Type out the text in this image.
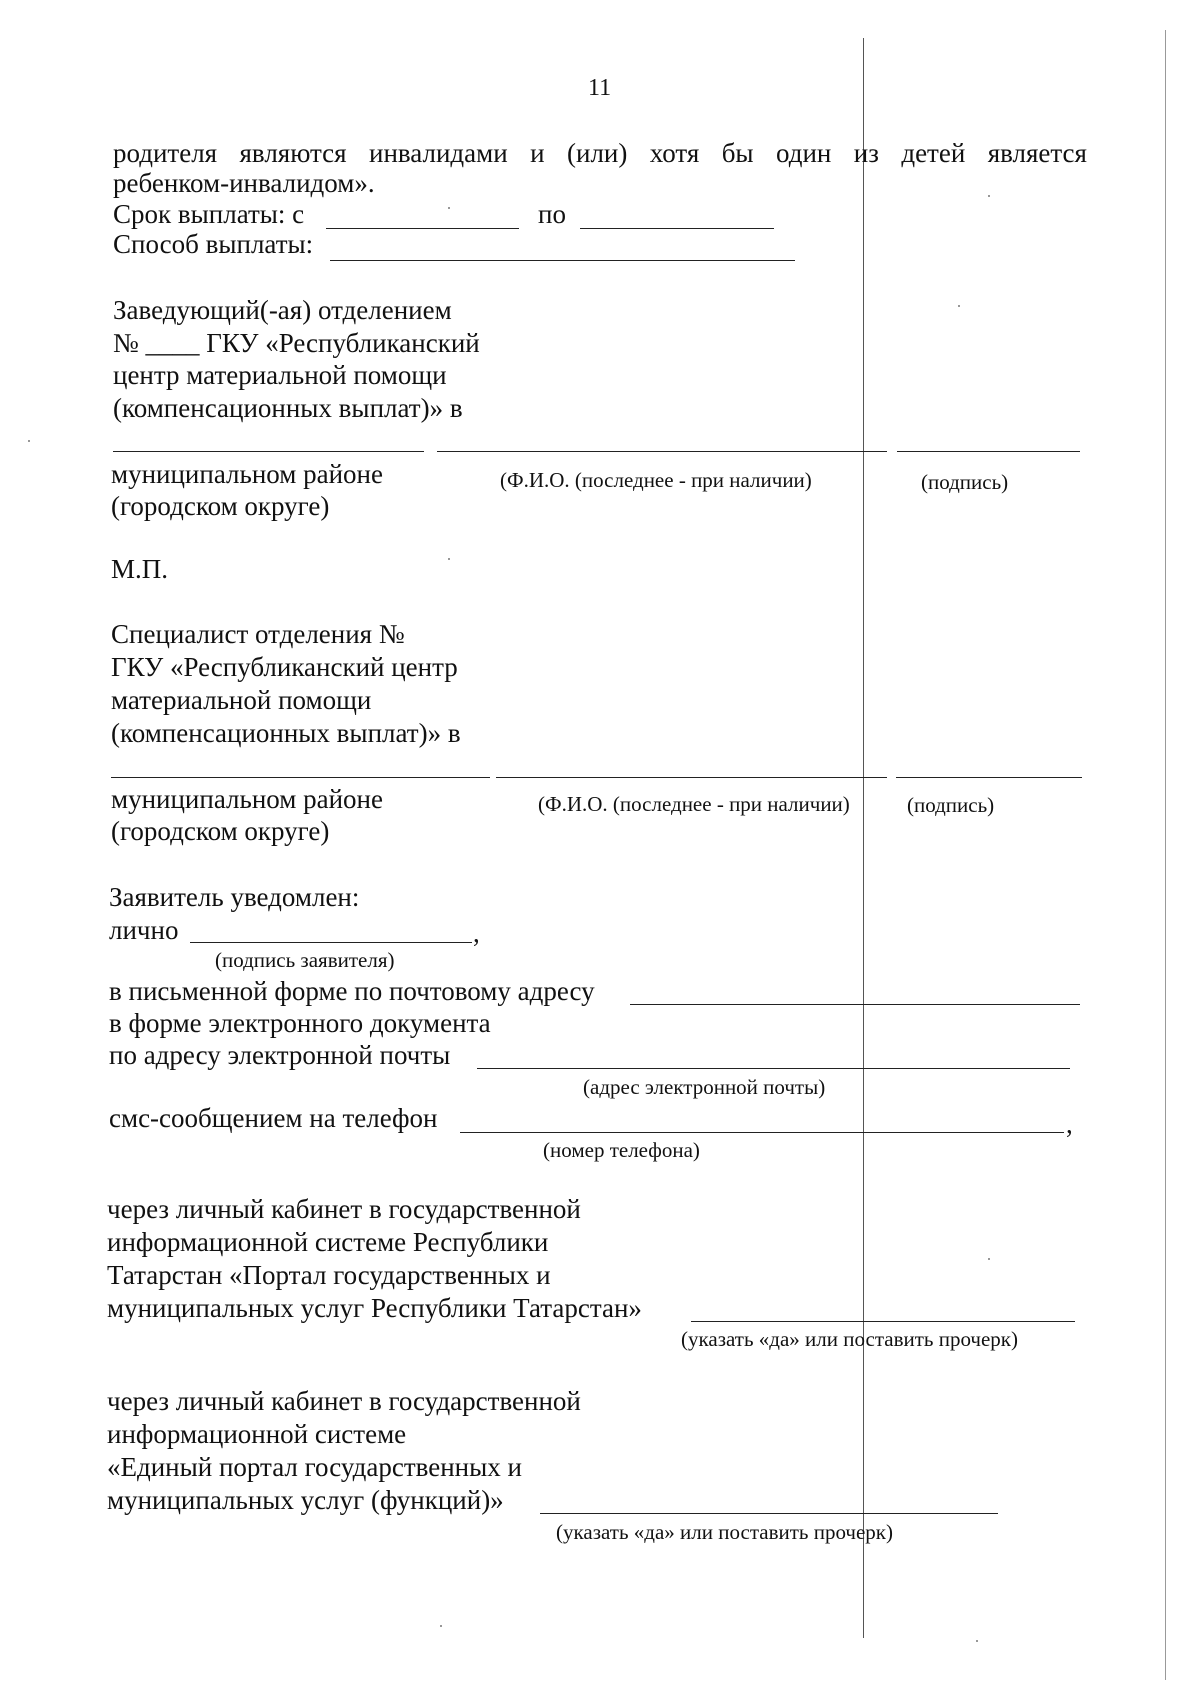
11
родителя являются инвалидами и (или) хотя бы один из детей является
ребенком-инвалидом».
Срок выплаты: с	по
Способ выплаты:
Заведующий(-ая) отделением
№ ____ ГКУ «Республиканский
центр материальной помощи
(компенсационных выплат)» в
муниципальном районе	(Ф.И.О. (последнее - при наличии)	(подпись)
(городском округе)
М.П.
Специалист отделения №
ГКУ «Республиканский центр
материальной помощи
(компенсационных выплат)» в
муниципальном районе	(Ф.И.О. (последнее - при наличии)	(подпись)
(городском округе)
Заявитель уведомлен:
лично	,
(подпись заявителя)
в письменной форме по почтовому адресу
в форме электронного документа
по адресу электронной почты
(адрес электронной почты)
смс-сообщением на телефон	,
(номер телефона)
через личный кабинет в государственной
информационной системе Республики
Татарстан «Портал государственных и
муниципальных услуг Республики Татарстан»
(указать «да» или поставить прочерк)
через личный кабинет в государственной
информационной системе
«Единый портал государственных и
муниципальных услуг (функций)»
(указать «да» или поставить прочерк)
